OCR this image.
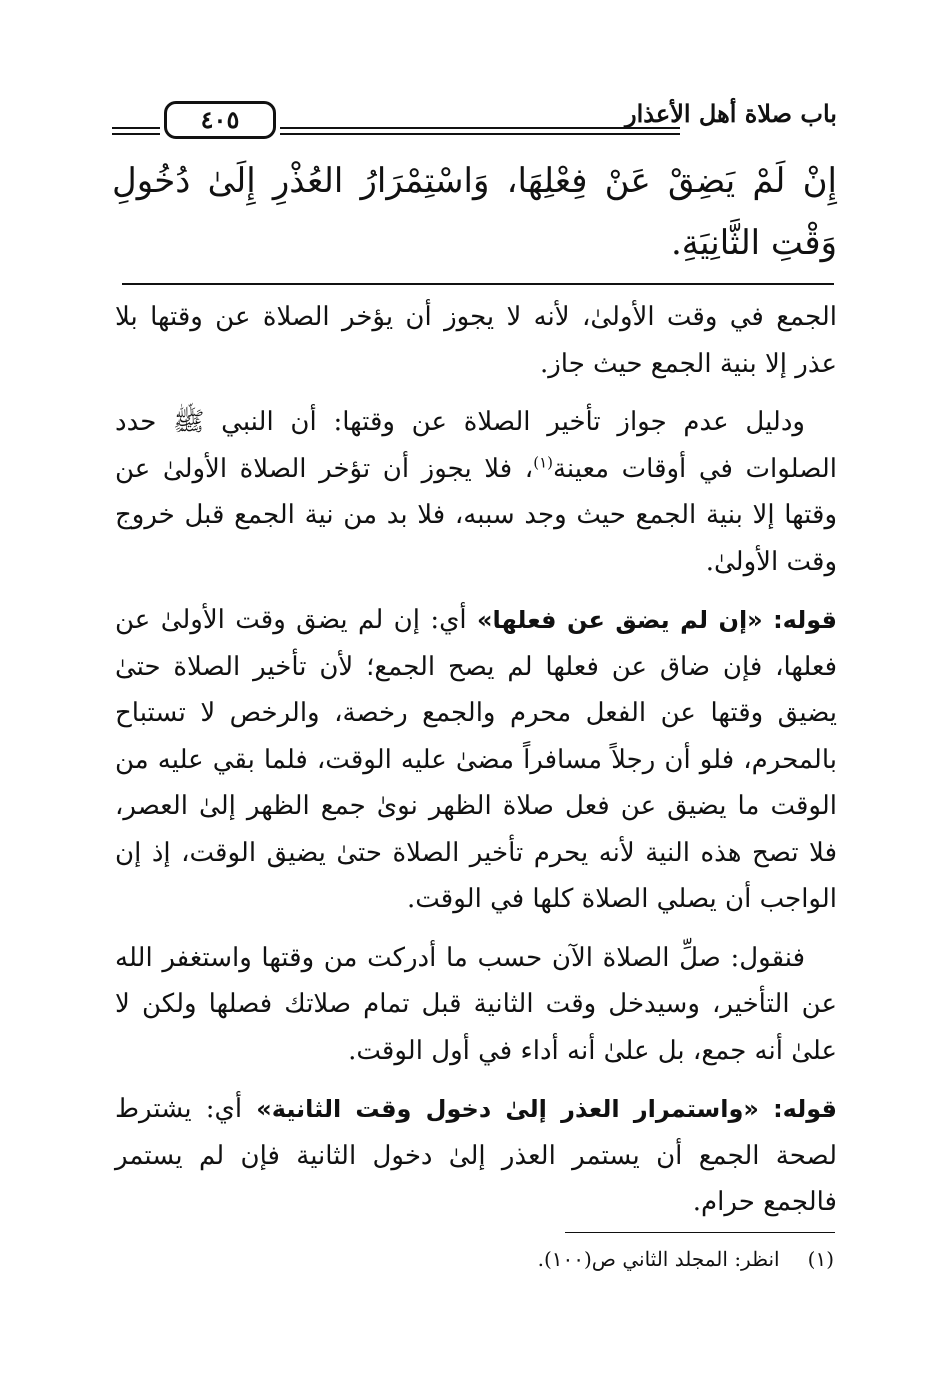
باب صلاة أهل الأعذار
٤٠٥
إِنْ لَمْ يَضِقْ عَنْ فِعْلِهَا، وَاسْتِمْرَارُ العُذْرِ إِلَىٰ دُخُولِ وَقْتِ الثَّانِيَةِ.

الجمع في وقت الأولىٰ، لأنه لا يجوز أن يؤخر الصلاة عن وقتها بلا عذر إلا بنية الجمع حيث جاز.

ودليل عدم جواز تأخير الصلاة عن وقتها: أن النبي ﷺ حدد الصلوات في أوقات معينة$^{(١)}$، فلا يجوز أن تؤخر الصلاة الأولىٰ عن وقتها إلا بنية الجمع حيث وجد سببه، فلا بد من نية الجمع قبل خروج وقت الأولىٰ.

قوله: «إن لم يضق عن فعلها» أي: إن لم يضق وقت الأولىٰ عن فعلها، فإن ضاق عن فعلها لم يصح الجمع؛ لأن تأخير الصلاة حتىٰ يضيق وقتها عن الفعل محرم والجمع رخصة، والرخص لا تستباح بالمحرم، فلو أن رجلاً مسافراً مضىٰ عليه الوقت، فلما بقي عليه من الوقت ما يضيق عن فعل صلاة الظهر نوىٰ جمع الظهر إلىٰ العصر، فلا تصح هذه النية لأنه يحرم تأخير الصلاة حتىٰ يضيق الوقت، إذ إن الواجب أن يصلي الصلاة كلها في الوقت.

فنقول: صلِّ الصلاة الآن حسب ما أدركت من وقتها واستغفر الله عن التأخير، وسيدخل وقت الثانية قبل تمام صلاتك فصلها ولكن لا علىٰ أنه جمع، بل علىٰ أنه أداء في أول الوقت.

قوله: «واستمرار العذر إلىٰ دخول وقت الثانية» أي: يشترط لصحة الجمع أن يستمر العذر إلىٰ دخول الثانية فإن لم يستمر فالجمع حرام.

(١)انظر: المجلد الثاني ص(١٠٠).
